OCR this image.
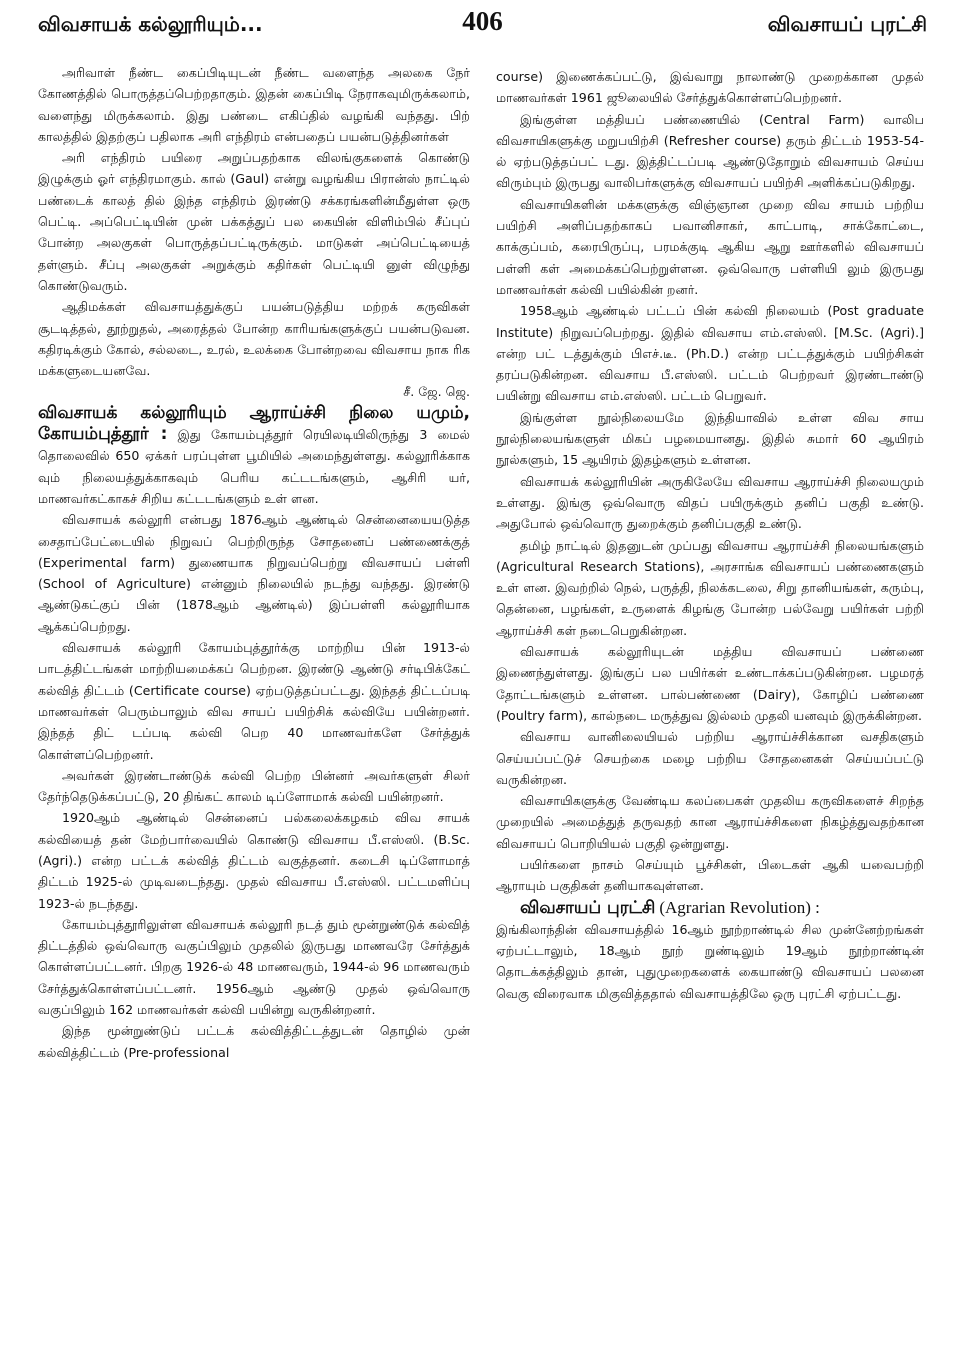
விவசாயக் கல்லூரியும்...	406	விவசாயப் புரட்சி

அரிவாள் நீண்ட கைப்பிடியுடன் நீண்ட வளைந்த அலகை நேர் கோணத்தில் பொருத்தப்பெற்றதாகும். இதன் கைப்பிடி நேராகவுமிருக்கலாம், வளைந்து மிருக்கலாம். இது பண்டை எகிப்தில் வழங்கி வந்தது. பிற் காலத்தில் இதற்குப் பதிலாக அரி எந்திரம் என்பதைப் பயன்படுத்தினர்கள்

அரி எந்திரம் பயிரை அறுப்பதற்காக விலங்குகளைக் கொண்டு இழுக்கும் ஓர் எந்திரமாகும். கால் (Gaul) என்று வழங்கிய பிரான்ஸ் நாட்டில் பண்டைக் காலத் தில் இந்த எந்திரம் இரண்டு சக்கரங்களின்மீதுள்ள ஒரு பெட்டி. அப்பெட்டியின் முன் பக்கத்துப் பல கையின் விளிம்பில் சீப்புப் போன்ற அலகுகள் பொருத்தப்பட்டிருக்கும். மாடுகள் அப்பெட்டியைத் தள்ளும். சீப்பு அலகுகள் அறுக்கும் கதிர்கள் பெட்டியி னுள் விழுந்து கொண்டுவரும்.

ஆதிமக்கள் விவசாயத்துக்குப் பயன்படுத்திய மற்றக் கருவிகள் சூடடித்தல், தூற்றுதல், அரைத்தல் போன்ற காரியங்களுக்குப் பயன்படுவன. கதிரடிக்கும் கோல், சல்லடை, உரல், உலக்கை போன்றவை விவசாய நாக ரிக மக்களுடையனவே.

சீ. ஜே. ஜெ.

விவசாயக் கல்லூரியும் ஆராய்ச்சி நிலை யமும், கோயம்புத்தூர் : இது கோயம்புத்தூர் ரெயிலடியிலிருந்து 3 மைல் தொலைவில் 650 ஏக்கர் பரப்புள்ள பூமியில் அமைந்துள்ளது. கல்லூரிக்காக வும் நிலையத்துக்காகவும் பெரிய கட்டடங்களும், ஆசிரி யர், மாணவர்கட்காகச் சிறிய கட்டடங்களும் உள் ளன.

விவசாயக் கல்லூரி என்பது 1876ஆம் ஆண்டில் சென்னையையடுத்த சைதாப்பேட்டையில் நிறுவப் பெற்றிருந்த சோதனைப் பண்ணைக்குத் (Experimental farm) துணையாக நிறுவப்பெற்று விவசாயப் பள்ளி (School of Agriculture) என்னும் நிலையில் நடந்து வந்தது. இரண்டு ஆண்டுகட்குப் பின் (1878ஆம் ஆண்டில்) இப்பள்ளி கல்லூரியாக ஆக்கப்பெற்றது.

விவசாயக் கல்லூரி கோயம்புத்தூர்க்கு மாற்றிய பின் 1913-ல் பாடத்திட்டங்கள் மாற்றியமைக்கப் பெற்றன. இரண்டு ஆண்டு சர்டிபிக்கேட் கல்வித் திட்டம் (Certificate course) ஏற்படுத்தப்பட்டது. இந்தத் திட்டப்படி மாணவர்கள் பெரும்பாலும் விவ சாயப் பயிற்சிக் கல்வியே பயின்றனர். இந்தத் திட் டப்படி கல்வி பெற 40 மாணவர்களே சேர்த்துக் கொள்ளப்பெற்றனர்.

அவர்கள் இரண்டாண்டுக் கல்வி பெற்ற பின்னர் அவர்களுள் சிலர் தேர்ந்தெடுக்கப்பட்டு, 20 திங்கட் காலம் டிப்ளோமாக் கல்வி பயின்றனர்.

1920ஆம் ஆண்டில் சென்னைப் பல்கலைக்கழகம் விவ சாயக் கல்வியைத் தன் மேற்பார்வையில் கொண்டு விவசாய பீ.எஸ்ஸி. (B.Sc. (Agri).) என்ற பட்டக் கல்வித் திட்டம் வகுத்தனர். கடைசி டிப்ளோமாத் திட்டம் 1925-ல் முடிவடைந்தது. முதல் விவசாய பீ.எஸ்ஸி. பட்டமளிப்பு 1923-ல் நடந்தது.

கோயம்புத்தூரிலுள்ள விவசாயக் கல்லூரி நடத் தும் மூன்றுண்டுக் கல்வித் திட்டத்தில் ஒவ்வொரு வகுப்பிலும் முதலில் இருபது மாணவரே சேர்த்துக் கொள்ளப்பட்டனர். பிறகு 1926-ல் 48 மாணவரும், 1944-ல் 96 மாணவரும் சேர்த்துக்கொள்ளப்பட்டனர். 1956ஆம் ஆண்டு முதல் ஒவ்வொரு வகுப்பிலும் 162 மாணவர்கள் கல்வி பயின்று வருகின்றனர்.

இந்த மூன்றுண்டுப் பட்டக் கல்வித்திட்டத்துடன் தொழில் முன் கல்வித்திட்டம் (Pre-professional

course) இணைக்கப்பட்டு, இவ்வாறு நாலாண்டு முறைக்கான முதல் மாணவர்கள் 1961 ஜூலையில் சேர்த்துக்கொள்ளப்பெற்றனர்.

இங்குள்ள மத்தியப் பண்ணையில் (Central Farm) வாலிப விவசாயிகளுக்கு மறுபயிற்சி (Refresher course) தரும் திட்டம் 1953-54-ல் ஏற்படுத்தப்பட் டது. இத்திட்டப்படி ஆண்டுதோறும் விவசாயம் செய்ய விரும்பும் இருபது வாலிபர்களுக்கு விவசாயப் பயிற்சி அளிக்கப்படுகிறது.

விவசாயிகளின் மக்களுக்கு விஞ்ஞான முறை விவ சாயம் பற்றிய பயிற்சி அளிப்பதற்காகப் பவானிசாகர், காட்பாடி, சாக்கோட்டை, காக்குப்பம், கரைபிருப்பு, பரமக்குடி ஆகிய ஆறு ஊர்களில் விவசாயப் பள்ளி கள் அமைக்கப்பெற்றுள்ளன. ஒவ்வொரு பள்ளியி லும் இருபது மாணவர்கள் கல்வி பயில்கின் றனர்.

1958ஆம் ஆண்டில் பட்டப் பின் கல்வி நிலையம் (Post graduate Institute) நிறுவப்பெற்றது. இதில் விவசாய எம்.எஸ்ஸி. [M.Sc. (Agri).] என்ற பட் டத்துக்கும் பிஎச்.டீ. (Ph.D.) என்ற பட்டத்துக்கும் பயிற்சிகள் தரப்படுகின்றன. விவசாய பீ.எஸ்ஸி. பட்டம் பெற்றவர் இரண்டாண்டு பயின்று விவசாய எம்.எஸ்ஸி. பட்டம் பெறுவர்.

இங்குள்ள நூல்நிலையமே இந்தியாவில் உள்ள விவ சாய நூல்நிலையங்களுள் மிகப் பழமையானது. இதில் சுமார் 60 ஆயிரம் நூல்களும், 15 ஆயிரம் இதழ்களும் உள்ளன.

விவசாயக் கல்லூரியின் அருகிலேயே விவசாய ஆராய்ச்சி நிலையமும் உள்ளது. இங்கு ஒவ்வொரு விதப் பயிருக்கும் தனிப் பகுதி உண்டு. அதுபோல் ஒவ்வொரு துறைக்கும் தனிப்பகுதி உண்டு.

தமிழ் நாட்டில் இதனுடன் முப்பது விவசாய ஆராய்ச்சி நிலையங்களும் (Agricultural Research Stations), அரசாங்க விவசாயப் பண்ணைகளும் உள் ளன. இவற்றில் நெல், பருத்தி, நிலக்கடலை, சிறு தானியங்கள், கரும்பு, தென்னை, பழங்கள், உருளைக் கிழங்கு போன்ற பல்வேறு பயிர்கள் பற்றி ஆராய்ச்சி கள் நடைபெறுகின்றன.

விவசாயக் கல்லூரியுடன் மத்திய விவசாயப் பண்ணை இணைந்துள்ளது. இங்குப் பல பயிர்கள் உண்டாக்கப்படுகின்றன. பழமரத் தோட்டங்களும் உள்ளன. பால்பண்ணை (Dairy), கோழிப் பண்ணை (Poultry farm), கால்நடை மருத்துவ இல்லம் முதலி யனவும் இருக்கின்றன.

விவசாய வானிலையியல் பற்றிய ஆராய்ச்சிக்கான வசதிகளும் செய்யப்பட்டுச் செயற்கை மழை பற்றிய சோதனைகள் செய்யப்பட்டு வருகின்றன.

விவசாயிகளுக்கு வேண்டிய கலப்பைகள் முதலிய கருவிகளைச் சிறந்த முறையில் அமைத்துத் தருவதற் கான ஆராய்ச்சிகளை நிகழ்த்துவதற்கான விவசாயப் பொறியியல் பகுதி ஒன்றுளது.

பயிர்களை நாசம் செய்யும் பூச்சிகள், பிடைகள் ஆகி யவைபற்றி ஆராயும் பகுதிகள் தனியாகவுள்ளன.

விவசாயப் புரட்சி (Agrarian Revolution) :

இங்கிலாந்தின் விவசாயத்தில் 16ஆம் நூற்றாண்டில் சில முன்னேற்றங்கள் ஏற்பட்டாலும், 18ஆம் நூற் றுண்டிலும் 19ஆம் நூற்றாண்டின் தொடக்கத்திலும் தான், புதுமுறைகளைக் கையாண்டு விவசாயப் பலனை வெகு விரைவாக மிகுவித்ததால் விவசாயத்திலே ஒரு புரட்சி ஏற்பட்டது.
